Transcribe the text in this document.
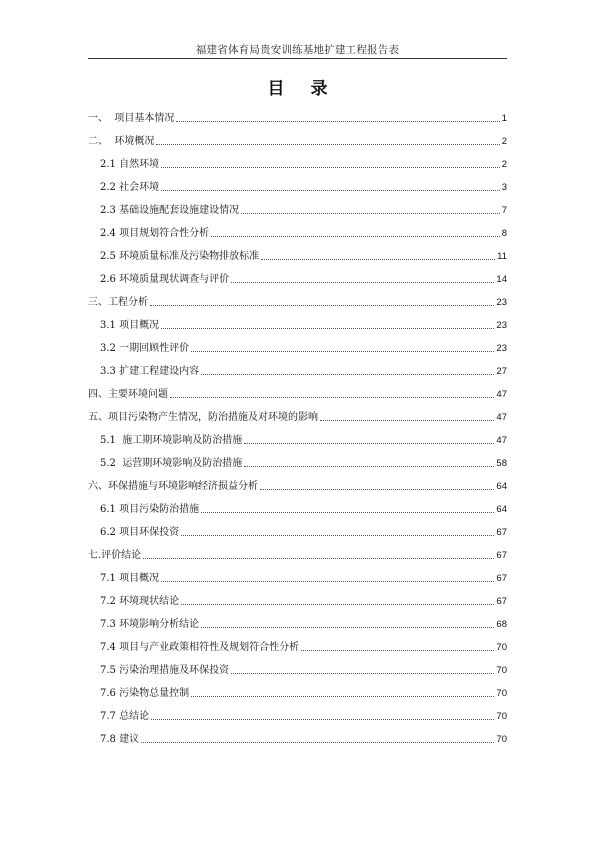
福建省体育局贵安训练基地扩建工程报告表
目 录
一、  项目基本情况	1
二、  环境概况	2
2.1 自然环境	2
2.2 社会环境	3
2.3 基础设施配套设施建设情况	7
2.4 项目规划符合性分析	8
2.5 环境质量标准及污染物排放标准	11
2.6 环境质量现状调查与评价	14
三、工程分析	23
3.1 项目概况	23
3.2 一期回顾性评价	23
3.3 扩建工程建设内容	27
四、主要环境问题	47
五、项目污染物产生情况，防治措施及对环境的影响	47
5.1  施工期环境影响及防治措施	47
5.2  运营期环境影响及防治措施	58
六、环保措施与环境影响经济损益分析	64
6.1 项目污染防治措施	64
6.2 项目环保投资	67
七.评价结论	67
7.1 项目概况	67
7.2 环境现状结论	67
7.3 环境影响分析结论	68
7.4 项目与产业政策相符性及规划符合性分析	70
7.5 污染治理措施及环保投资	70
7.6 污染物总量控制	70
7.7 总结论	70
7.8 建议	70
